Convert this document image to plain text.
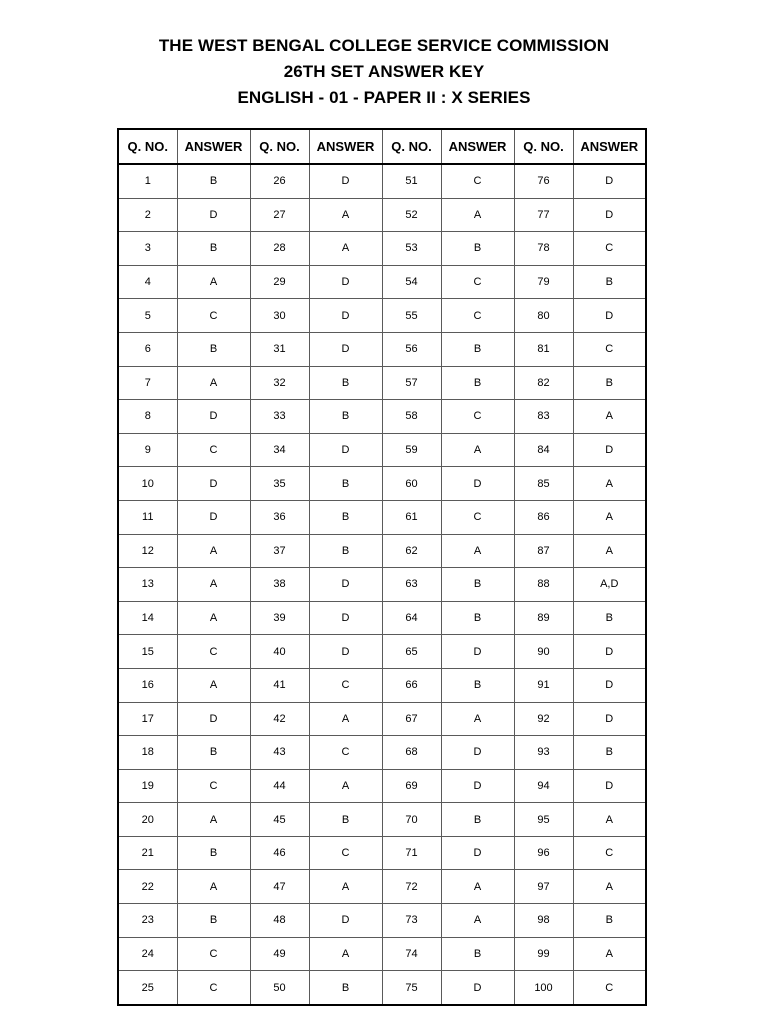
THE WEST BENGAL COLLEGE SERVICE COMMISSION
26TH SET ANSWER KEY
ENGLISH - 01 - PAPER II : X SERIES
Q. NO.	ANSWER	Q. NO.	ANSWER	Q. NO.	ANSWER	Q. NO.	ANSWER
1	B	26	D	51	C	76	D
2	D	27	A	52	A	77	D
3	B	28	A	53	B	78	C
4	A	29	D	54	C	79	B
5	C	30	D	55	C	80	D
6	B	31	D	56	B	81	C
7	A	32	B	57	B	82	B
8	D	33	B	58	C	83	A
9	C	34	D	59	A	84	D
10	D	35	B	60	D	85	A
11	D	36	B	61	C	86	A
12	A	37	B	62	A	87	A
13	A	38	D	63	B	88	A,D
14	A	39	D	64	B	89	B
15	C	40	D	65	D	90	D
16	A	41	C	66	B	91	D
17	D	42	A	67	A	92	D
18	B	43	C	68	D	93	B
19	C	44	A	69	D	94	D
20	A	45	B	70	B	95	A
21	B	46	C	71	D	96	C
22	A	47	A	72	A	97	A
23	B	48	D	73	A	98	B
24	C	49	A	74	B	99	A
25	C	50	B	75	D	100	C
